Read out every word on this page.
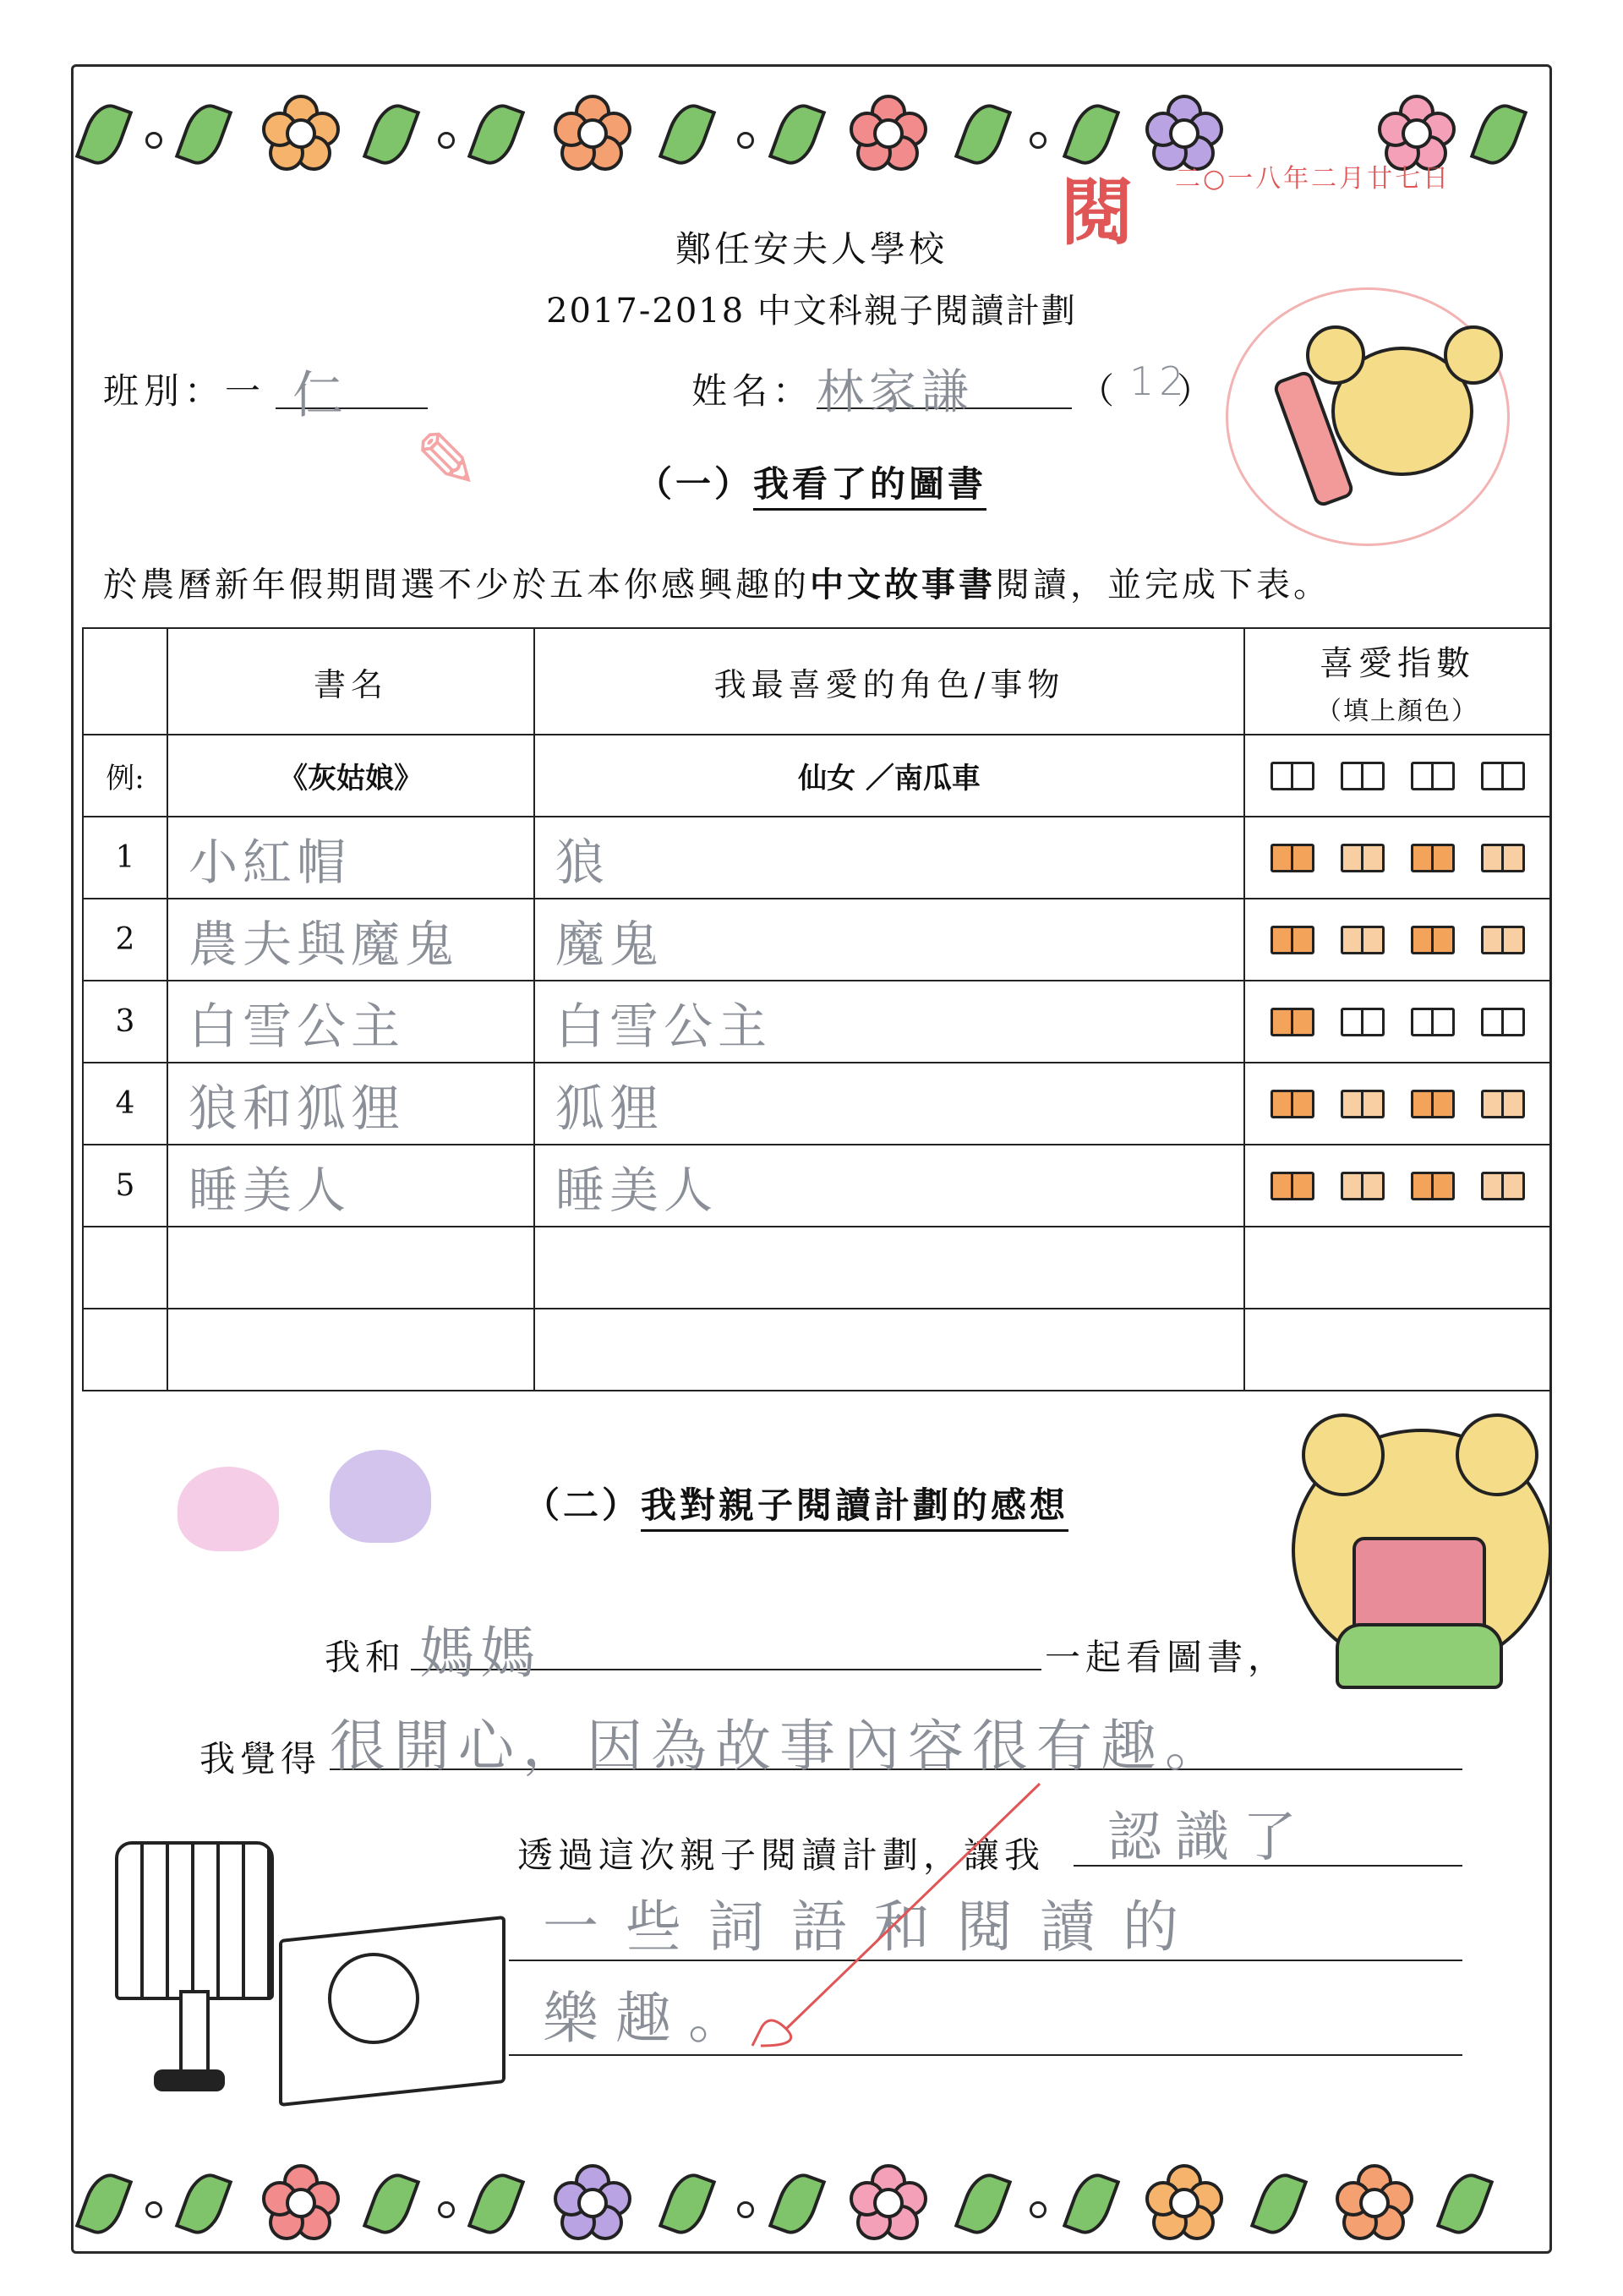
閱 二○一八年二月廿七日
鄭任安夫人學校
2017-2018 中文科親子閱讀計劃
班別：一 仁	姓名： 林家謙	（ 12
）
✎	（一）我看了的圖書
於農曆新年假期間選不少於五本你感興趣的中文故事書閱讀，並完成下表。
	書名	我最喜愛的角色/事物	喜愛指數
（填上顏色）

例:	《灰姑娘》	仙女 ／南瓜車	

1	小紅帽	狼	

2	農夫與魔鬼	魔鬼	

3	白雪公主	白雪公主	

4	狼和狐狸	狐狸	

5	睡美人	睡美人	

（二）我對親子閱讀計劃的感想
我和 媽媽	一起看圖書，
我覺得 很開心，因為故事內容很有趣。
透過這次親子閱讀計劃，讓我	認識了
一些詞語和閱讀的
樂趣。
